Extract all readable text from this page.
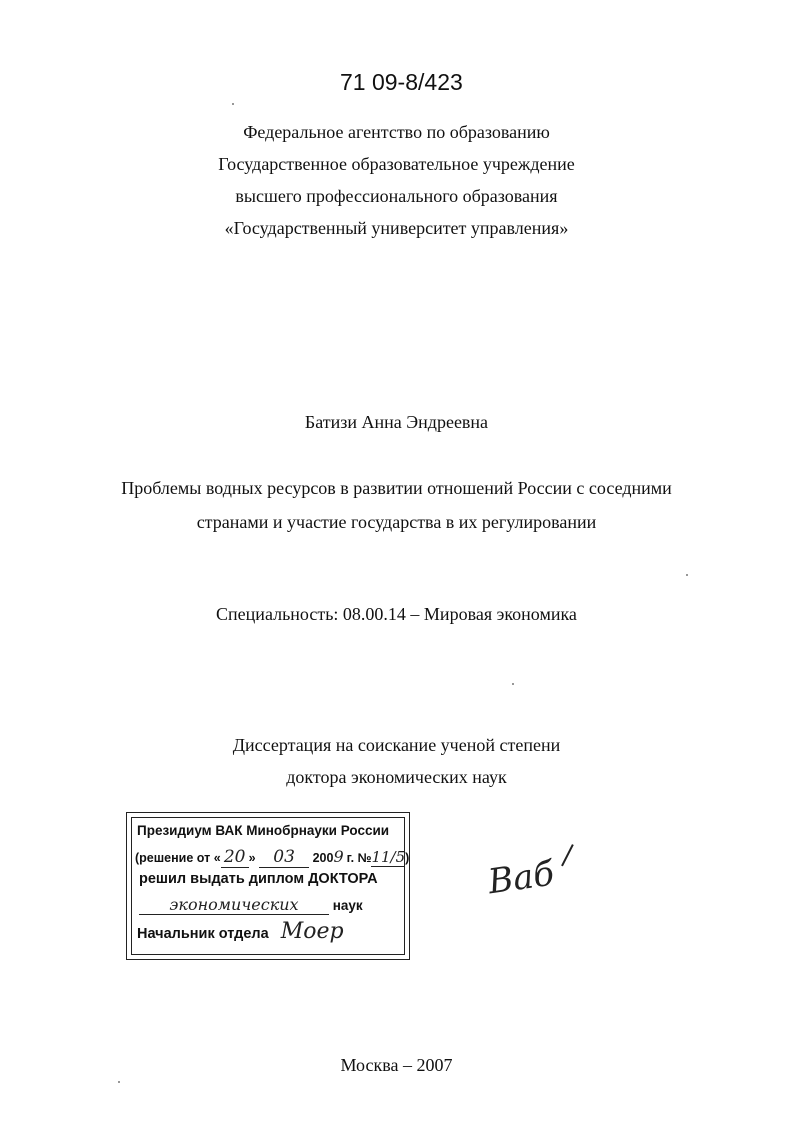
71 09-8/423
Федеральное агентство по образованию
Государственное образовательное учреждение
высшего профессионального образования
«Государственный университет управления»
Батизи Анна Эндреевна
Проблемы водных ресурсов в развитии отношений России с соседними
странами и участие государства в их регулировании
Специальность: 08.00.14 – Мировая экономика
Диссертация на соискание ученой степени
доктора экономических наук
Президиум ВАК Минобрнауки России
(решение от « 20 » 03 2009 г. №11/5)
решил выдать диплом ДОКТОРА
экономических	наук
Начальник отдела Моер
Ваб
Москва – 2007
